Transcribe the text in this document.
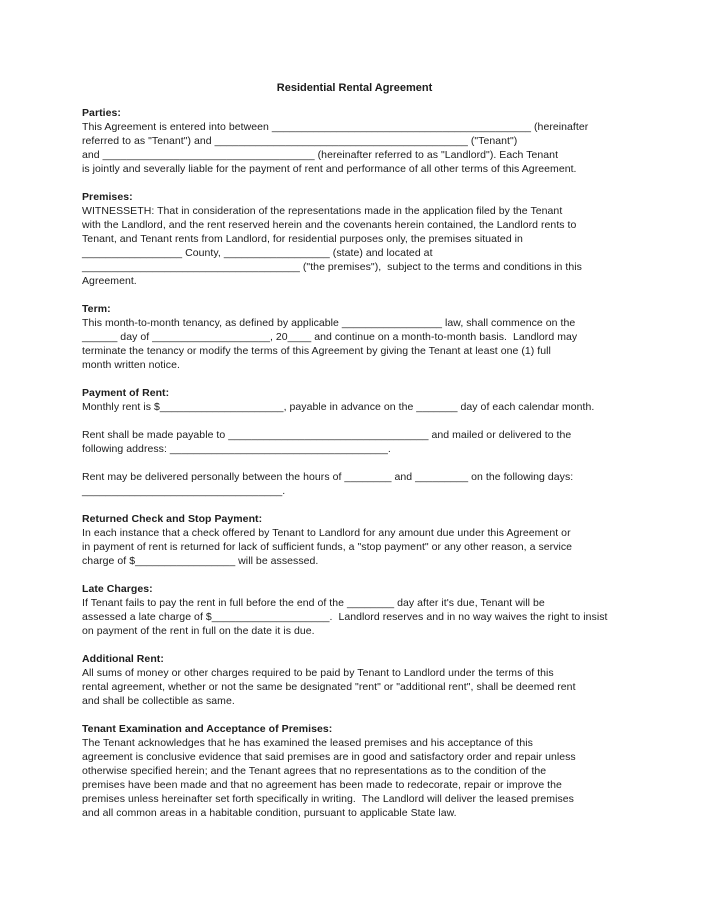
Residential Rental Agreement
Parties:
This Agreement is entered into between ____________________________________________ (hereinafter
referred to as "Tenant") and ___________________________________________ ("Tenant")
and ____________________________________ (hereinafter referred to as "Landlord"). Each Tenant
is jointly and severally liable for the payment of rent and performance of all other terms of this Agreement.
Premises:
WITNESSETH: That in consideration of the representations made in the application filed by the Tenant
with the Landlord, and the rent reserved herein and the covenants herein contained, the Landlord rents to
Tenant, and Tenant rents from Landlord, for residential purposes only, the premises situated in
_________________ County, __________________ (state) and located at
_____________________________________ ("the premises"),  subject to the terms and conditions in this
Agreement.
Term:
This month-to-month tenancy, as defined by applicable _________________ law, shall commence on the
______ day of ____________________, 20____ and continue on a month-to-month basis.  Landlord may
terminate the tenancy or modify the terms of this Agreement by giving the Tenant at least one (1) full
month written notice.
Payment of Rent:
Monthly rent is $_____________________, payable in advance on the _______ day of each calendar month.
Rent shall be made payable to __________________________________ and mailed or delivered to the
following address: _____________________________________.
Rent may be delivered personally between the hours of ________ and _________ on the following days:
__________________________________.
Returned Check and Stop Payment:
In each instance that a check offered by Tenant to Landlord for any amount due under this Agreement or
in payment of rent is returned for lack of sufficient funds, a "stop payment" or any other reason, a service
charge of $_________________ will be assessed.
Late Charges:
If Tenant fails to pay the rent in full before the end of the ________ day after it's due, Tenant will be
assessed a late charge of $____________________.  Landlord reserves and in no way waives the right to insist
on payment of the rent in full on the date it is due.
Additional Rent:
All sums of money or other charges required to be paid by Tenant to Landlord under the terms of this
rental agreement, whether or not the same be designated "rent" or "additional rent", shall be deemed rent
and shall be collectible as same.
Tenant Examination and Acceptance of Premises:
The Tenant acknowledges that he has examined the leased premises and his acceptance of this
agreement is conclusive evidence that said premises are in good and satisfactory order and repair unless
otherwise specified herein; and the Tenant agrees that no representations as to the condition of the
premises have been made and that no agreement has been made to redecorate, repair or improve the
premises unless hereinafter set forth specifically in writing.  The Landlord will deliver the leased premises
and all common areas in a habitable condition, pursuant to applicable State law.
